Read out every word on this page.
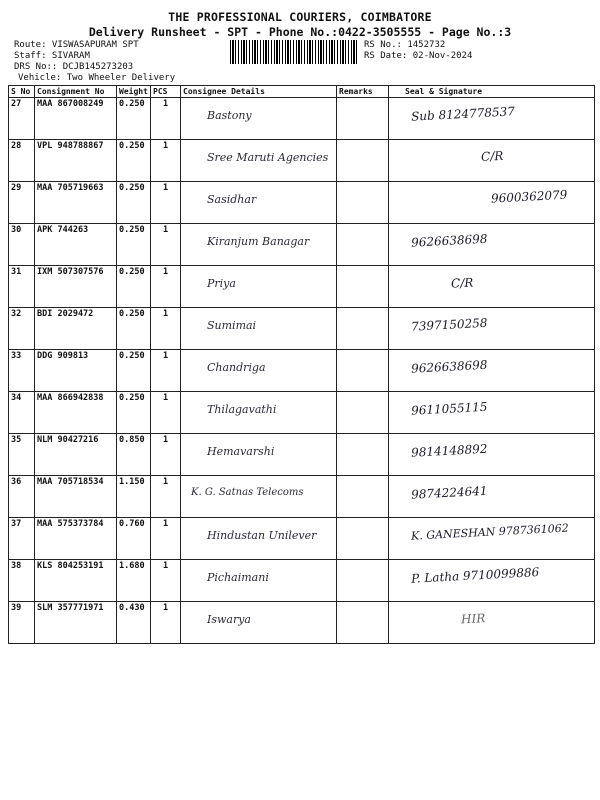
THE PROFESSIONAL COURIERS, COIMBATORE
Delivery Runsheet - SPT - Phone No.:0422-3505555 - Page No.:3
Route: VISWASAPURAM SPT
Staff: SIVARAM
DRS No:: DCJB145273203
Vehicle: Two Wheeler Delivery
RS No.: 1452732
RS Date: 02-Nov-2024
S No	Consignment No	Weight	PCS	Consignee Details	Remarks	Seal & Signature
27	MAA 867008249	0.250	1	Bastony		Sub 8124778537

28	VPL 948788867	0.250	1	Sree Maruti Agencies		C/R

29	MAA 705719663	0.250	1	Sasidhar		9600362079

30	APK 744263	0.250	1	Kiranjum Banagar		9626638698

31	IXM 507307576	0.250	1	Priya		C/R

32	BDI 2029472	0.250	1	Sumimai		7397150258

33	DDG 909813	0.250	1	Chandriga		9626638698

34	MAA 866942838	0.250	1	Thilagavathi		9611055115

35	NLM 90427216	0.850	1	Hemavarshi		9814148892

36	MAA 705718534	1.150	1	K. G. Satnas Telecoms		9874224641

37	MAA 575373784	0.760	1	Hindustan Unilever		K. GANESHAN 9787361062

38	KLS 804253191	1.680	1	Pichaimani		P. Latha 9710099886

39	SLM 357771971	0.430	1	Iswarya		HIR
